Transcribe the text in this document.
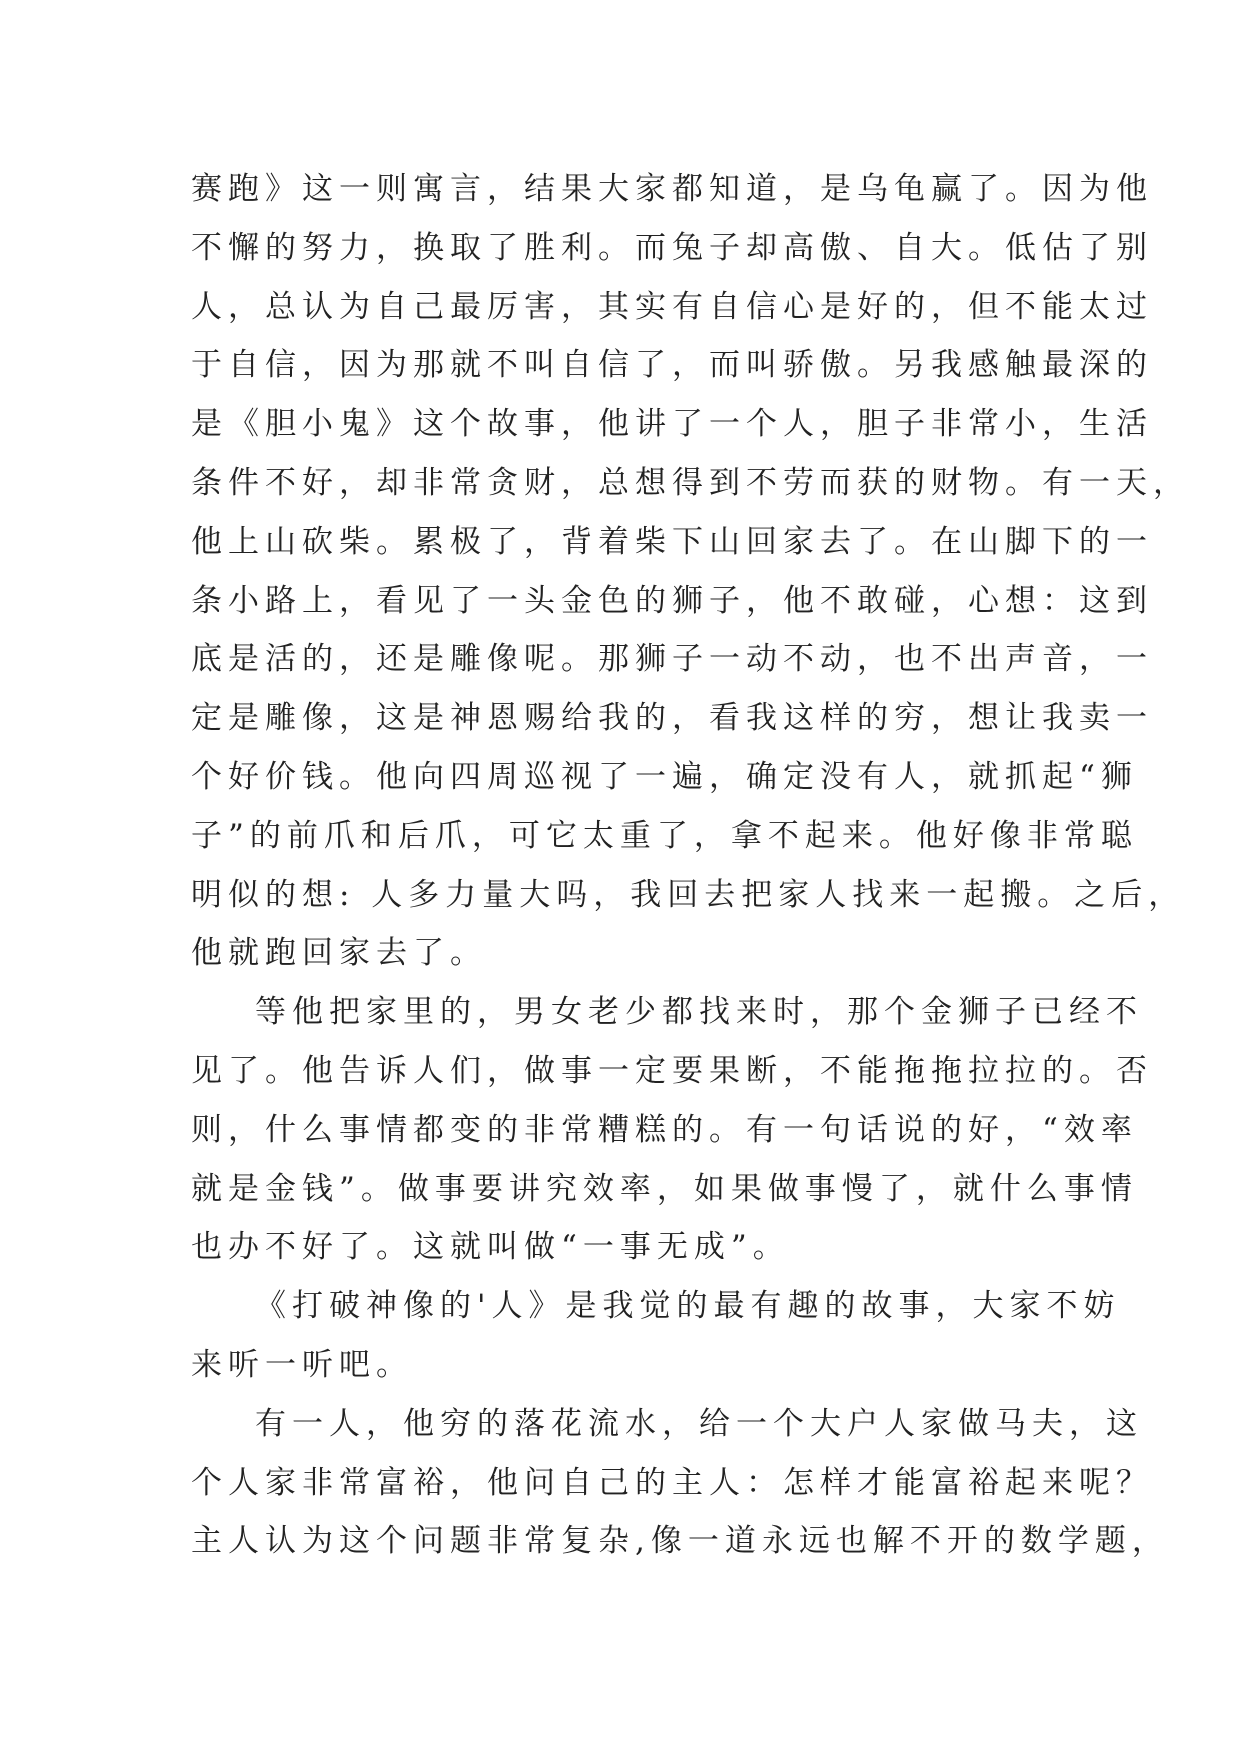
赛跑》这一则寓言，结果大家都知道，是乌龟赢了。因为他
不懈的努力，换取了胜利。而兔子却高傲、自大。低估了别
人，总认为自己最厉害，其实有自信心是好的，但不能太过
于自信，因为那就不叫自信了，而叫骄傲。另我感触最深的
是《胆小鬼》这个故事，他讲了一个人，胆子非常小，生活
条件不好，却非常贪财，总想得到不劳而获的财物。有一天，
他上山砍柴。累极了，背着柴下山回家去了。在山脚下的一
条小路上，看见了一头金色的狮子，他不敢碰，心想：这到
底是活的，还是雕像呢。那狮子一动不动，也不出声音，一
定是雕像，这是神恩赐给我的，看我这样的穷，想让我卖一
个好价钱。他向四周巡视了一遍，确定没有人，就抓起“狮
子”的前爪和后爪，可它太重了，拿不起来。他好像非常聪
明似的想: 人多力量大吗，我回去把家人找来一起搬。之后，
他就跑回家去了。
等他把家里的，男女老少都找来时，那个金狮子已经不
见了。他告诉人们，做事一定要果断，不能拖拖拉拉的。否
则，什么事情都变的非常糟糕的。有一句话说的好，“效率
就是金钱”。做事要讲究效率，如果做事慢了，就什么事情
也办不好了。这就叫做“一事无成”。
《打破神像的'人》是我觉的最有趣的故事，大家不妨
来听一听吧。
有一人，他穷的落花流水，给一个大户人家做马夫，这
个人家非常富裕，他问自己的主人：怎样才能富裕起来呢？
主人认为这个问题非常复杂,像一道永远也解不开的数学题，
